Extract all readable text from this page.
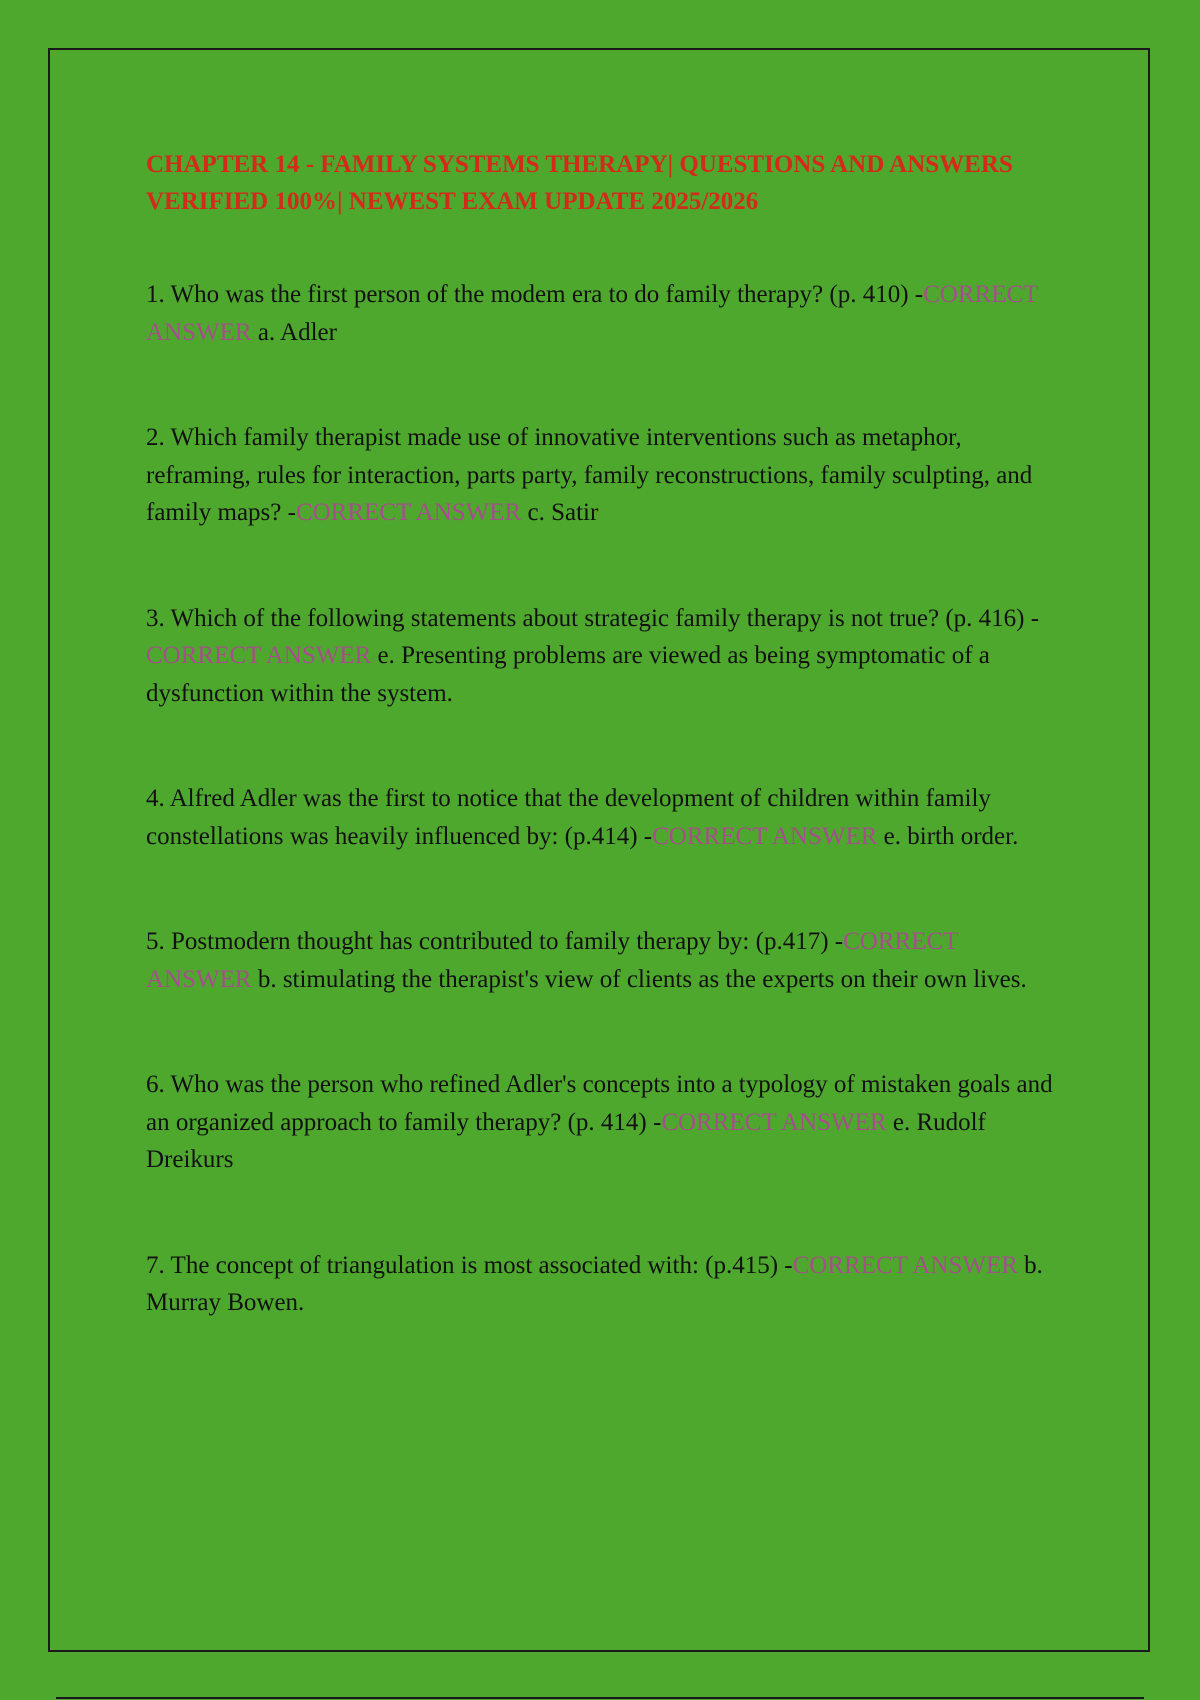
CHAPTER 14 - FAMILY SYSTEMS THERAPY| QUESTIONS AND ANSWERS VERIFIED 100%| NEWEST EXAM UPDATE 2025/2026
1. Who was the first person of the modem era to do family therapy? (p. 410) -CORRECT ANSWER a. Adler
2. Which family therapist made use of innovative interventions such as metaphor, reframing, rules for interaction, parts party, family reconstructions, family sculpting, and family maps? -CORRECT ANSWER c. Satir
3. Which of the following statements about strategic family therapy is not true? (p. 416) -CORRECT ANSWER e. Presenting problems are viewed as being symptomatic of a dysfunction within the system.
4. Alfred Adler was the first to notice that the development of children within family constellations was heavily influenced by: (p.414) -CORRECT ANSWER e. birth order.
5. Postmodern thought has contributed to family therapy by: (p.417) -CORRECT ANSWER b. stimulating the therapist's view of clients as the experts on their own lives.
6. Who was the person who refined Adler's concepts into a typology of mistaken goals and an organized approach to family therapy? (p. 414) -CORRECT ANSWER e. Rudolf Dreikurs
7. The concept of triangulation is most associated with: (p.415) -CORRECT ANSWER b. Murray Bowen.
